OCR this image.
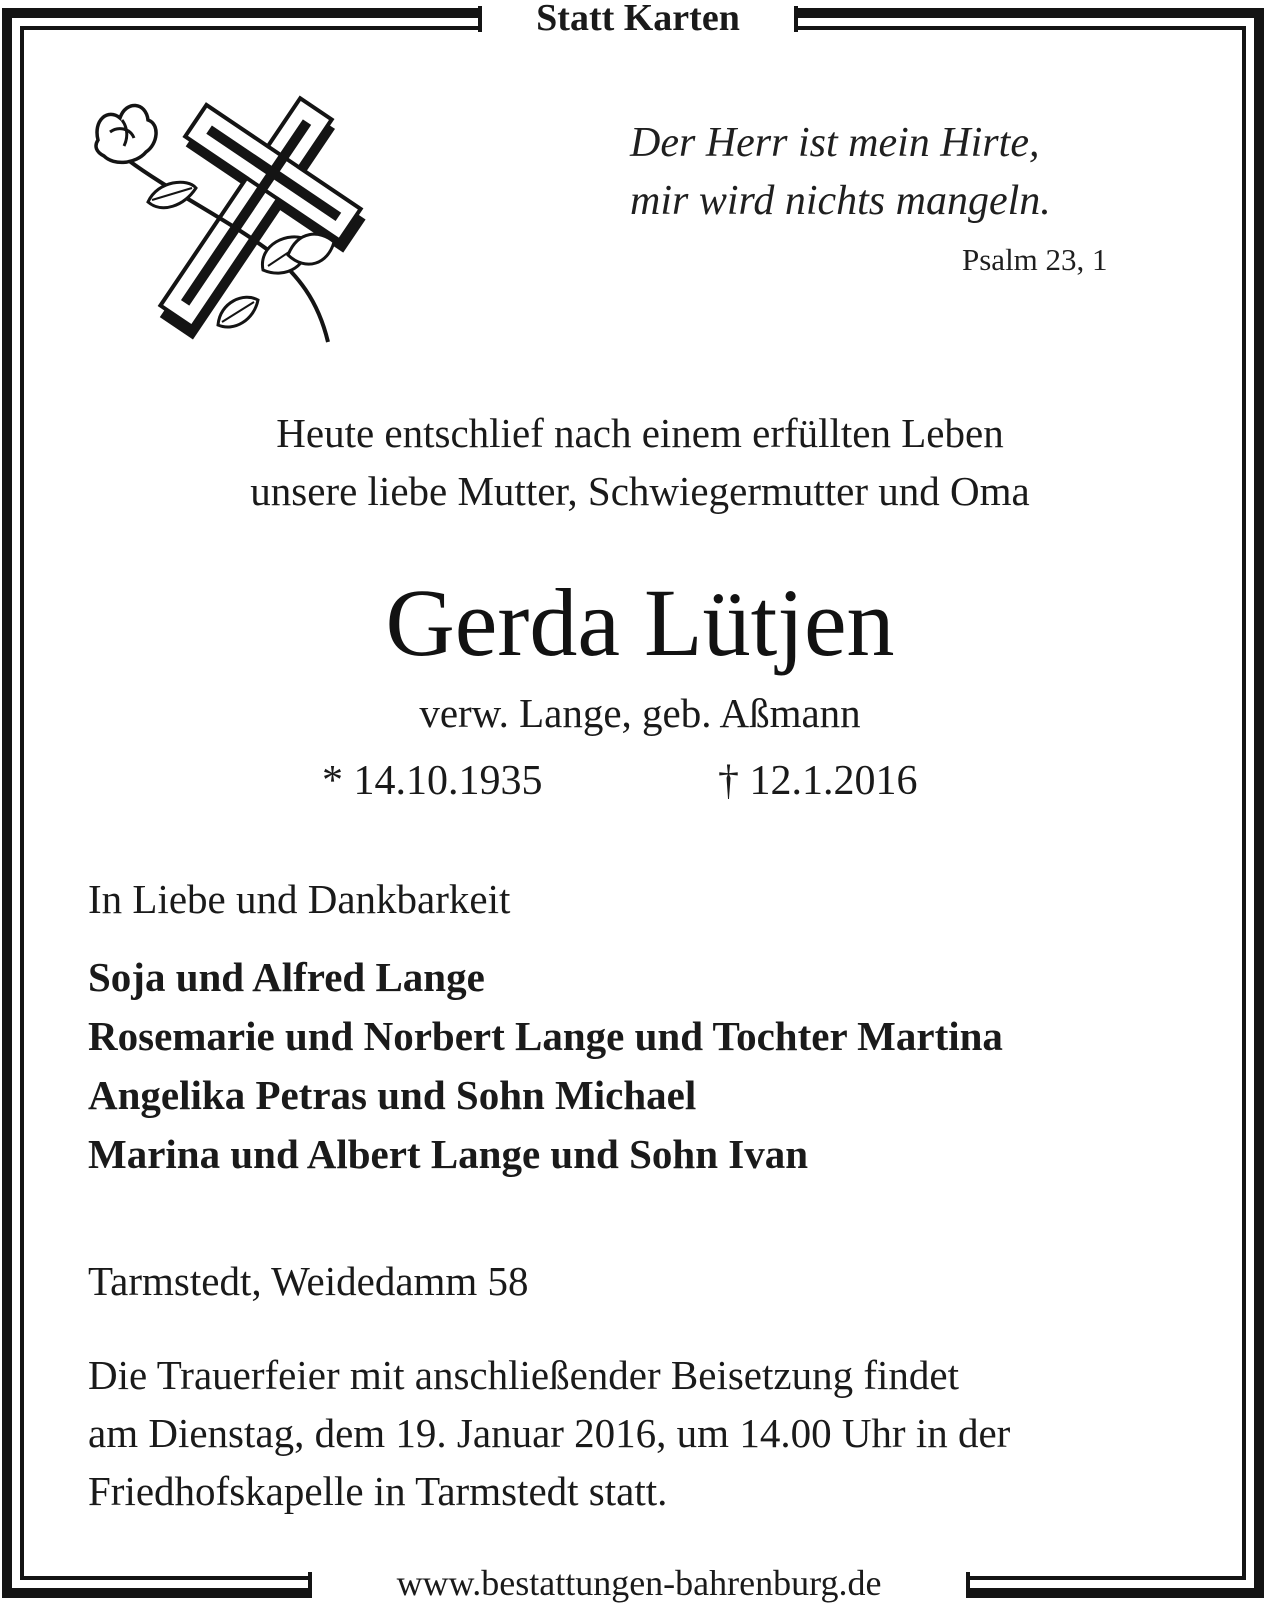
Statt Karten
Der Herr ist mein Hirte,
mir wird nichts mangeln.
Psalm 23, 1
Heute entschlief nach einem erfüllten Leben
unsere liebe Mutter, Schwiegermutter und Oma
Gerda Lütjen
verw. Lange, geb. Aßmann
* 14.10.1935	† 12.1.2016
In Liebe und Dankbarkeit
Soja und Alfred Lange
Rosemarie und Norbert Lange und Tochter Martina
Angelika Petras und Sohn Michael
Marina und Albert Lange und Sohn Ivan
Tarmstedt, Weidedamm 58
Die Trauerfeier mit anschließender Beisetzung findet
am Dienstag, dem 19. Januar 2016, um 14.00 Uhr in der
Friedhofskapelle in Tarmstedt statt.
www.bestattungen-bahrenburg.de
